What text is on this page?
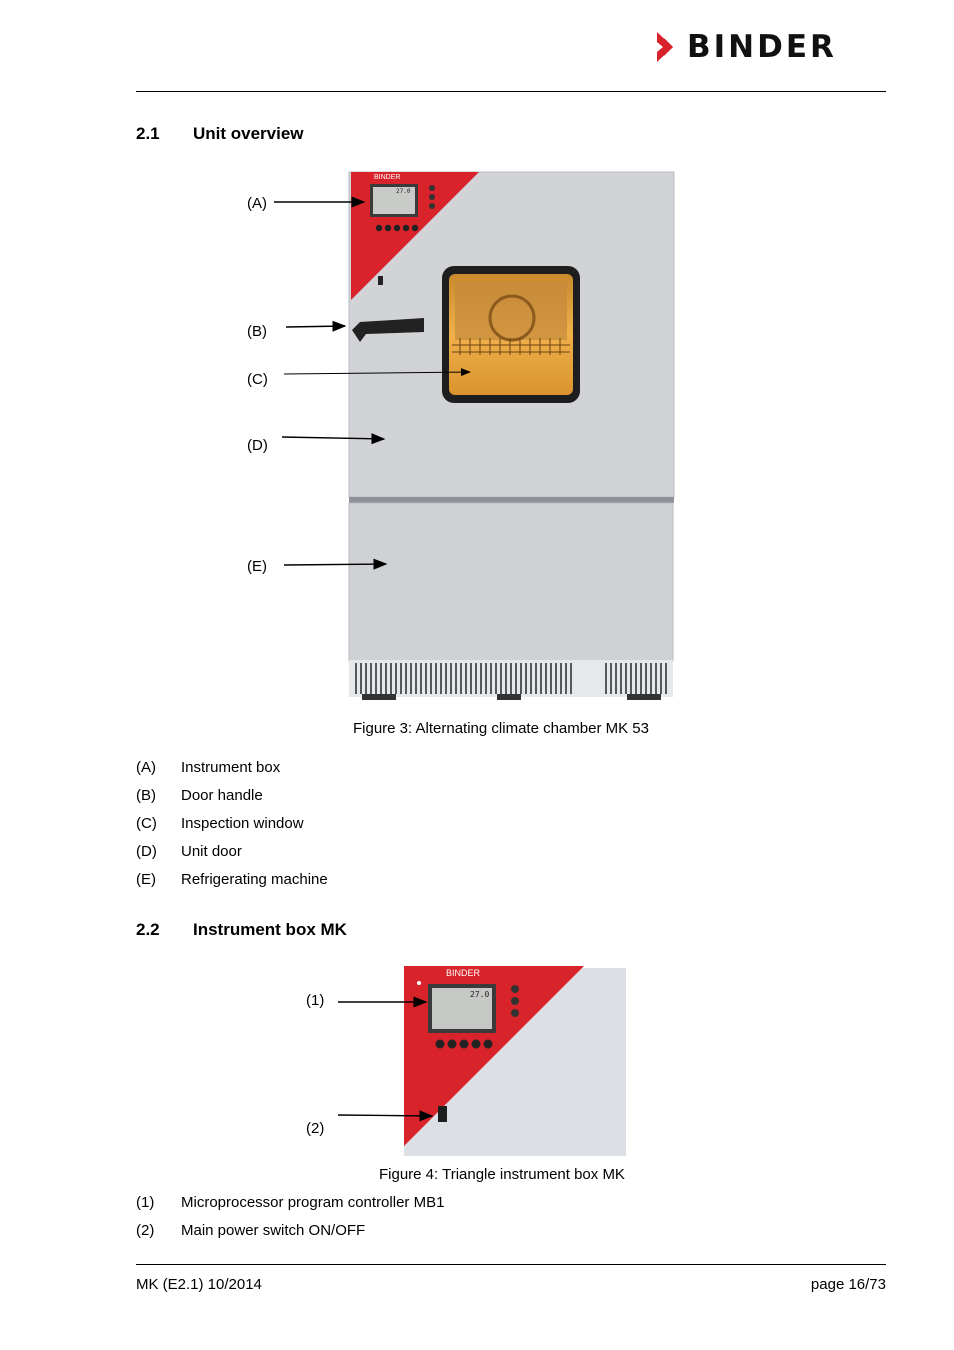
BINDER
2.1 Unit overview
BINDER
27.0
(A)
(B)
(C)
(D)
(E)
Figure 3: Alternating climate chamber MK 53
(A) Instrument box
(B) Door handle
(C) Inspection window
(D) Unit door
(E) Refrigerating machine
2.2 Instrument box MK
BINDER
27.0
(1)
(2)
Figure 4: Triangle instrument box MK
(1) Microprocessor program controller MB1
(2) Main power switch ON/OFF
MK (E2.1) 10/2014	page 16/73
